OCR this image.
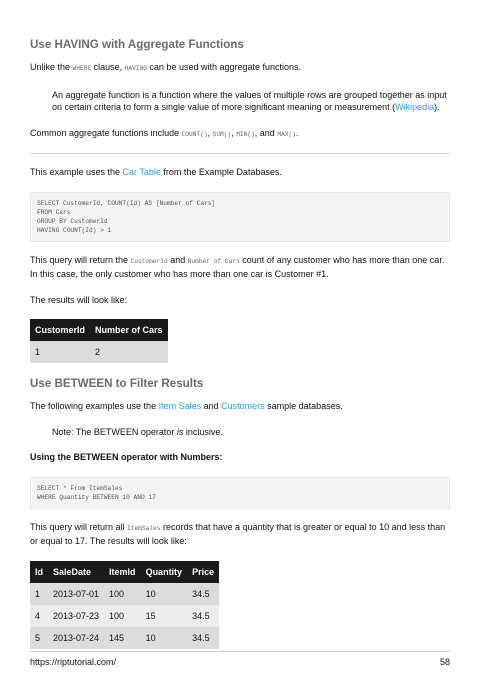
Use HAVING with Aggregate Functions

Unlike the WHERE clause, HAVING can be used with aggregate functions.

An aggregate function is a function where the values of multiple rows are grouped together as input on certain criteria to form a single value of more significant meaning or measurement (Wikipedia).

Common aggregate functions include COUNT(), SUM(), MIN(), and MAX().

This example uses the Car Table from the Example Databases.

SELECT CustomerId, COUNT(Id) AS [Number of Cars]
FROM Cars
GROUP BY CustomerId
HAVING COUNT(Id) > 1

This query will return the CustomerId and Number of Cars count of any customer who has more than one car. In this case, the only customer who has more than one car is Customer #1.

The results will look like:

CustomerId	Number of Cars
1	2
Use BETWEEN to Filter Results

The following examples use the Item Sales and Customers sample databases.

Note: The BETWEEN operator is inclusive.

Using the BETWEEN operator with Numbers:

SELECT * From ItemSales
WHERE Quantity BETWEEN 10 AND 17

This query will return all ItemSales records that have a quantity that is greater or equal to 10 and less than or equal to 17. The results will look like:

Id	SaleDate	ItemId	Quantity	Price
1	2013-07-01	100	10	34.5
4	2013-07-23	100	15	34.5
5	2013-07-24	145	10	34.5
https://riptutorial.com/	58
